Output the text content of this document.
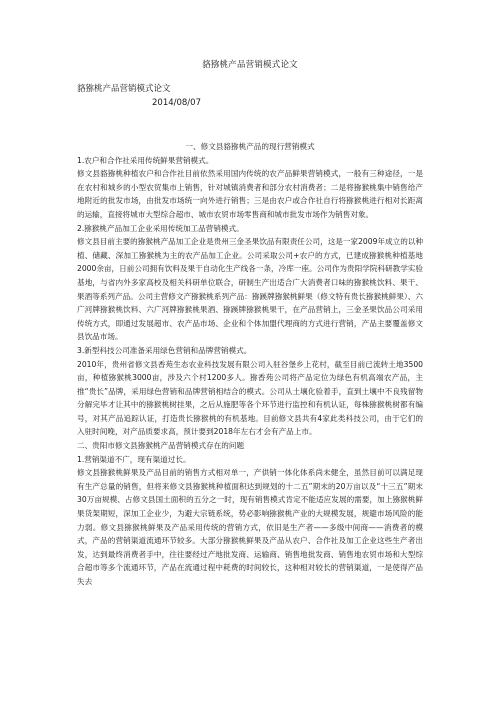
貉猕桃产品营销模式论文
貉猕桃产品营销模式论文
2014/08/07

一、修文县貉猕桃产品的现行营销模式

1.农户和合作社采用传统鲜果营销模式。

修文县貉猕桃种植农户和合作社目前依然采用国内传统的农产品鲜果营销模式，一般有三种途径，一是在农村和城乡的小型农贸集市上销售，针对城镇消费者和部分农村消费者；二是将猕猴桃集中销售给产地附近的批发市场，由批发市场统一向外进行销售；三是由农户或合作社自行将猕猴桃进行相对长距离的运输，直接将城市大型综合超市、城市农贸市场零售商和城市批发市场作为销售对象。

2.猕猴桃产品加工企业采用传统加工品营销模式。

修文县目前主要的猕猴桃产品加工企业是贵州三金圣果饮品有限责任公司，这是一家2009年成立的以种植、储藏、深加工猕猴桃为主的农产品加工企业。公司采取公司+农户的方式，已建成猕猴桃种植基地2000余亩，日前公司拥有饮料及果干自动化生产线各一条，冷库一座。公司作为贵阳学院科研教学实验基地，与省内外多家高校及相关科研单位联合，研制生产出适合广大消费者口味的猕猴桃饮料、果干、果酒等系列产品。公司主营修文产猕猴桃系列产品：猕蹊牌猕猴桃鲜果（修文特有贵长猕猴桃鲜果）、六广河牌猕猴桃饮料、六广河牌猕猴桃果酒、猕蹊牌猕猴桃果干，在产品营销上，三金圣果饮品公司采用传统方式，即通过发展超市、农产品市场、企业和个体加盟代理商的方式进行营销，产品主要覆盖修文县饮品市场。

3.新型科技公司准备采用绿色营销和品牌营销模式。

2010年，贵州省修文县香苑生态农业科技发展有限公司入驻谷堡乡上花村，截至目前已流转土地3500亩，种植猕猴桃3000亩，涉及六个村1200多人。猕香苑公司将产品定位为绿色有机高端农产品，主推“贵长”品牌，采用绿色营销和品牌营销相结合的模式。公司从土壤化验着手，直到土壤中不良残留物分解完毕才让其中的猕猴桃树挂果，之后从施肥等各个环节进行监控和有机认证，每株猕猴桃树都有编号，对其产品追踪认证，打造贵长猕猴桃的有机基地。目前修文县共有4家此类科技公司，由于它们的入驻时间晚，对产品质要求高，预计要到2018年左右才会有产品上市。

二、贵阳市修文县猕猴桃产品营销模式存在的问题

1.营销渠道不广，现有渠道过长。

修文县猕猴桃鲜果及产品目前的销售方式相对单一，产供销一体化体系尚未健全，虽然目前可以满足现有生产总量的销售，但将来修文县猕猴桃种植面积达到规划的十二五”期末的20万亩以及“十三五”期末30万亩规模、占修文县国土面积的五分之一时，现有销售模式肯定不能适应发展的需要，加上猕猴桃鲜果货架期短，深加工企业少，为避大宗链系统，势必影响猕猴桃产业的大规模发展，规避市场风险的能力弱。修文县猕猴桃鲜果及产品采用传统的营销方式，依旧是生产者——多级中间商——消费者的模式，产品的营销渠道流通环节较多。大部分猕猴桃鲜果及产品从农户、合作社及加工企业这些生产者出发，达到最终消费者手中，往往要经过产地批发商、运输商、销售地批发商、销售地农贸市场和大型综合超市等多个流通环节，产品在流通过程中耗费的时间较长，这种相对较长的营销渠道，一是使得产品失去
